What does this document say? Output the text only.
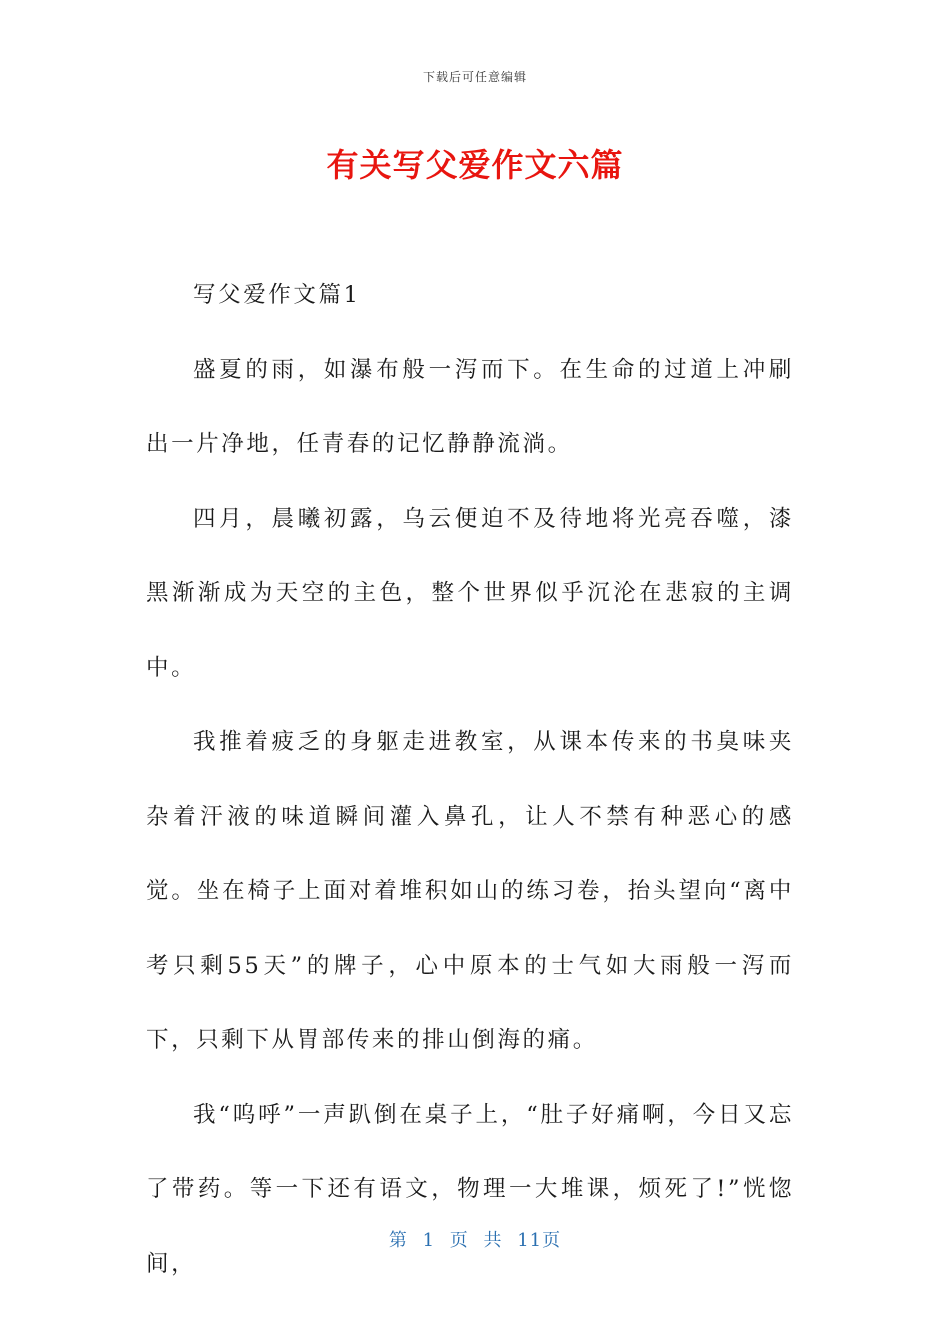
下载后可任意编辑
有关写父爱作文六篇

写父爱作文篇1

盛夏的雨，如瀑布般一泻而下。在生命的过道上冲刷出一片净地，任青春的记忆静静流淌。

四月，晨曦初露，乌云便迫不及待地将光亮吞噬，漆黑渐渐成为天空的主色，整个世界似乎沉沦在悲寂的主调中。

我推着疲乏的身躯走进教室，从课本传来的书臭味夹杂着汗液的味道瞬间灌入鼻孔，让人不禁有种恶心的感觉。坐在椅子上面对着堆积如山的练习卷，抬头望向“离中考只剩55天”的牌子，心中原本的士气如大雨般一泻而下，只剩下从胃部传来的排山倒海的痛。

我“呜呼”一声趴倒在桌子上，“肚子好痛啊，今日又忘了带药。等一下还有语文，物理一大堆课，烦死了!”恍惚间，

第 1 页 共 11页
